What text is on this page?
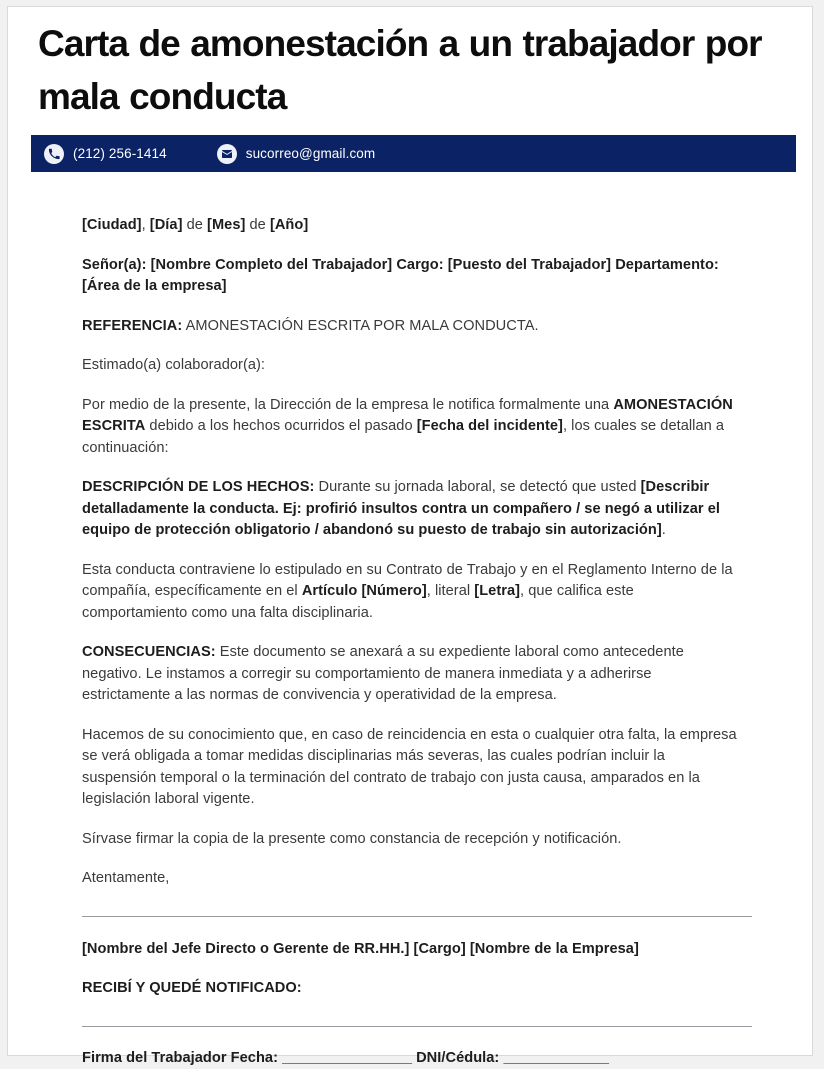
Carta de amonestación a un trabajador por mala conducta
(212) 256-1414	sucorreo@gmail.com

[Ciudad], [Día] de [Mes] de [Año]

Señor(a): [Nombre Completo del Trabajador] Cargo: [Puesto del Trabajador] Departamento: [Área de la empresa]

REFERENCIA: AMONESTACIÓN ESCRITA POR MALA CONDUCTA.

Estimado(a) colaborador(a):

Por medio de la presente, la Dirección de la empresa le notifica formalmente una AMONESTACIÓN ESCRITA debido a los hechos ocurridos el pasado [Fecha del incidente], los cuales se detallan a continuación:

DESCRIPCIÓN DE LOS HECHOS: Durante su jornada laboral, se detectó que usted [Describir detalladamente la conducta. Ej: profirió insultos contra un compañero / se negó a utilizar el equipo de protección obligatorio / abandonó su puesto de trabajo sin autorización].

Esta conducta contraviene lo estipulado en su Contrato de Trabajo y en el Reglamento Interno de la compañía, específicamente en el Artículo [Número], literal [Letra], que califica este comportamiento como una falta disciplinaria.

CONSECUENCIAS: Este documento se anexará a su expediente laboral como antecedente negativo. Le instamos a corregir su comportamiento de manera inmediata y a adherirse estrictamente a las normas de convivencia y operatividad de la empresa.

Hacemos de su conocimiento que, en caso de reincidencia en esta o cualquier otra falta, la empresa se verá obligada a tomar medidas disciplinarias más severas, las cuales podrían incluir la suspensión temporal o la terminación del contrato de trabajo con justa causa, amparados en la legislación laboral vigente.

Sírvase firmar la copia de la presente como constancia de recepción y notificación.

Atentamente,

[Nombre del Jefe Directo o Gerente de RR.HH.] [Cargo] [Nombre de la Empresa]

RECIBÍ Y QUEDÉ NOTIFICADO:

Firma del Trabajador Fecha: ________________ DNI/Cédula: _____________
